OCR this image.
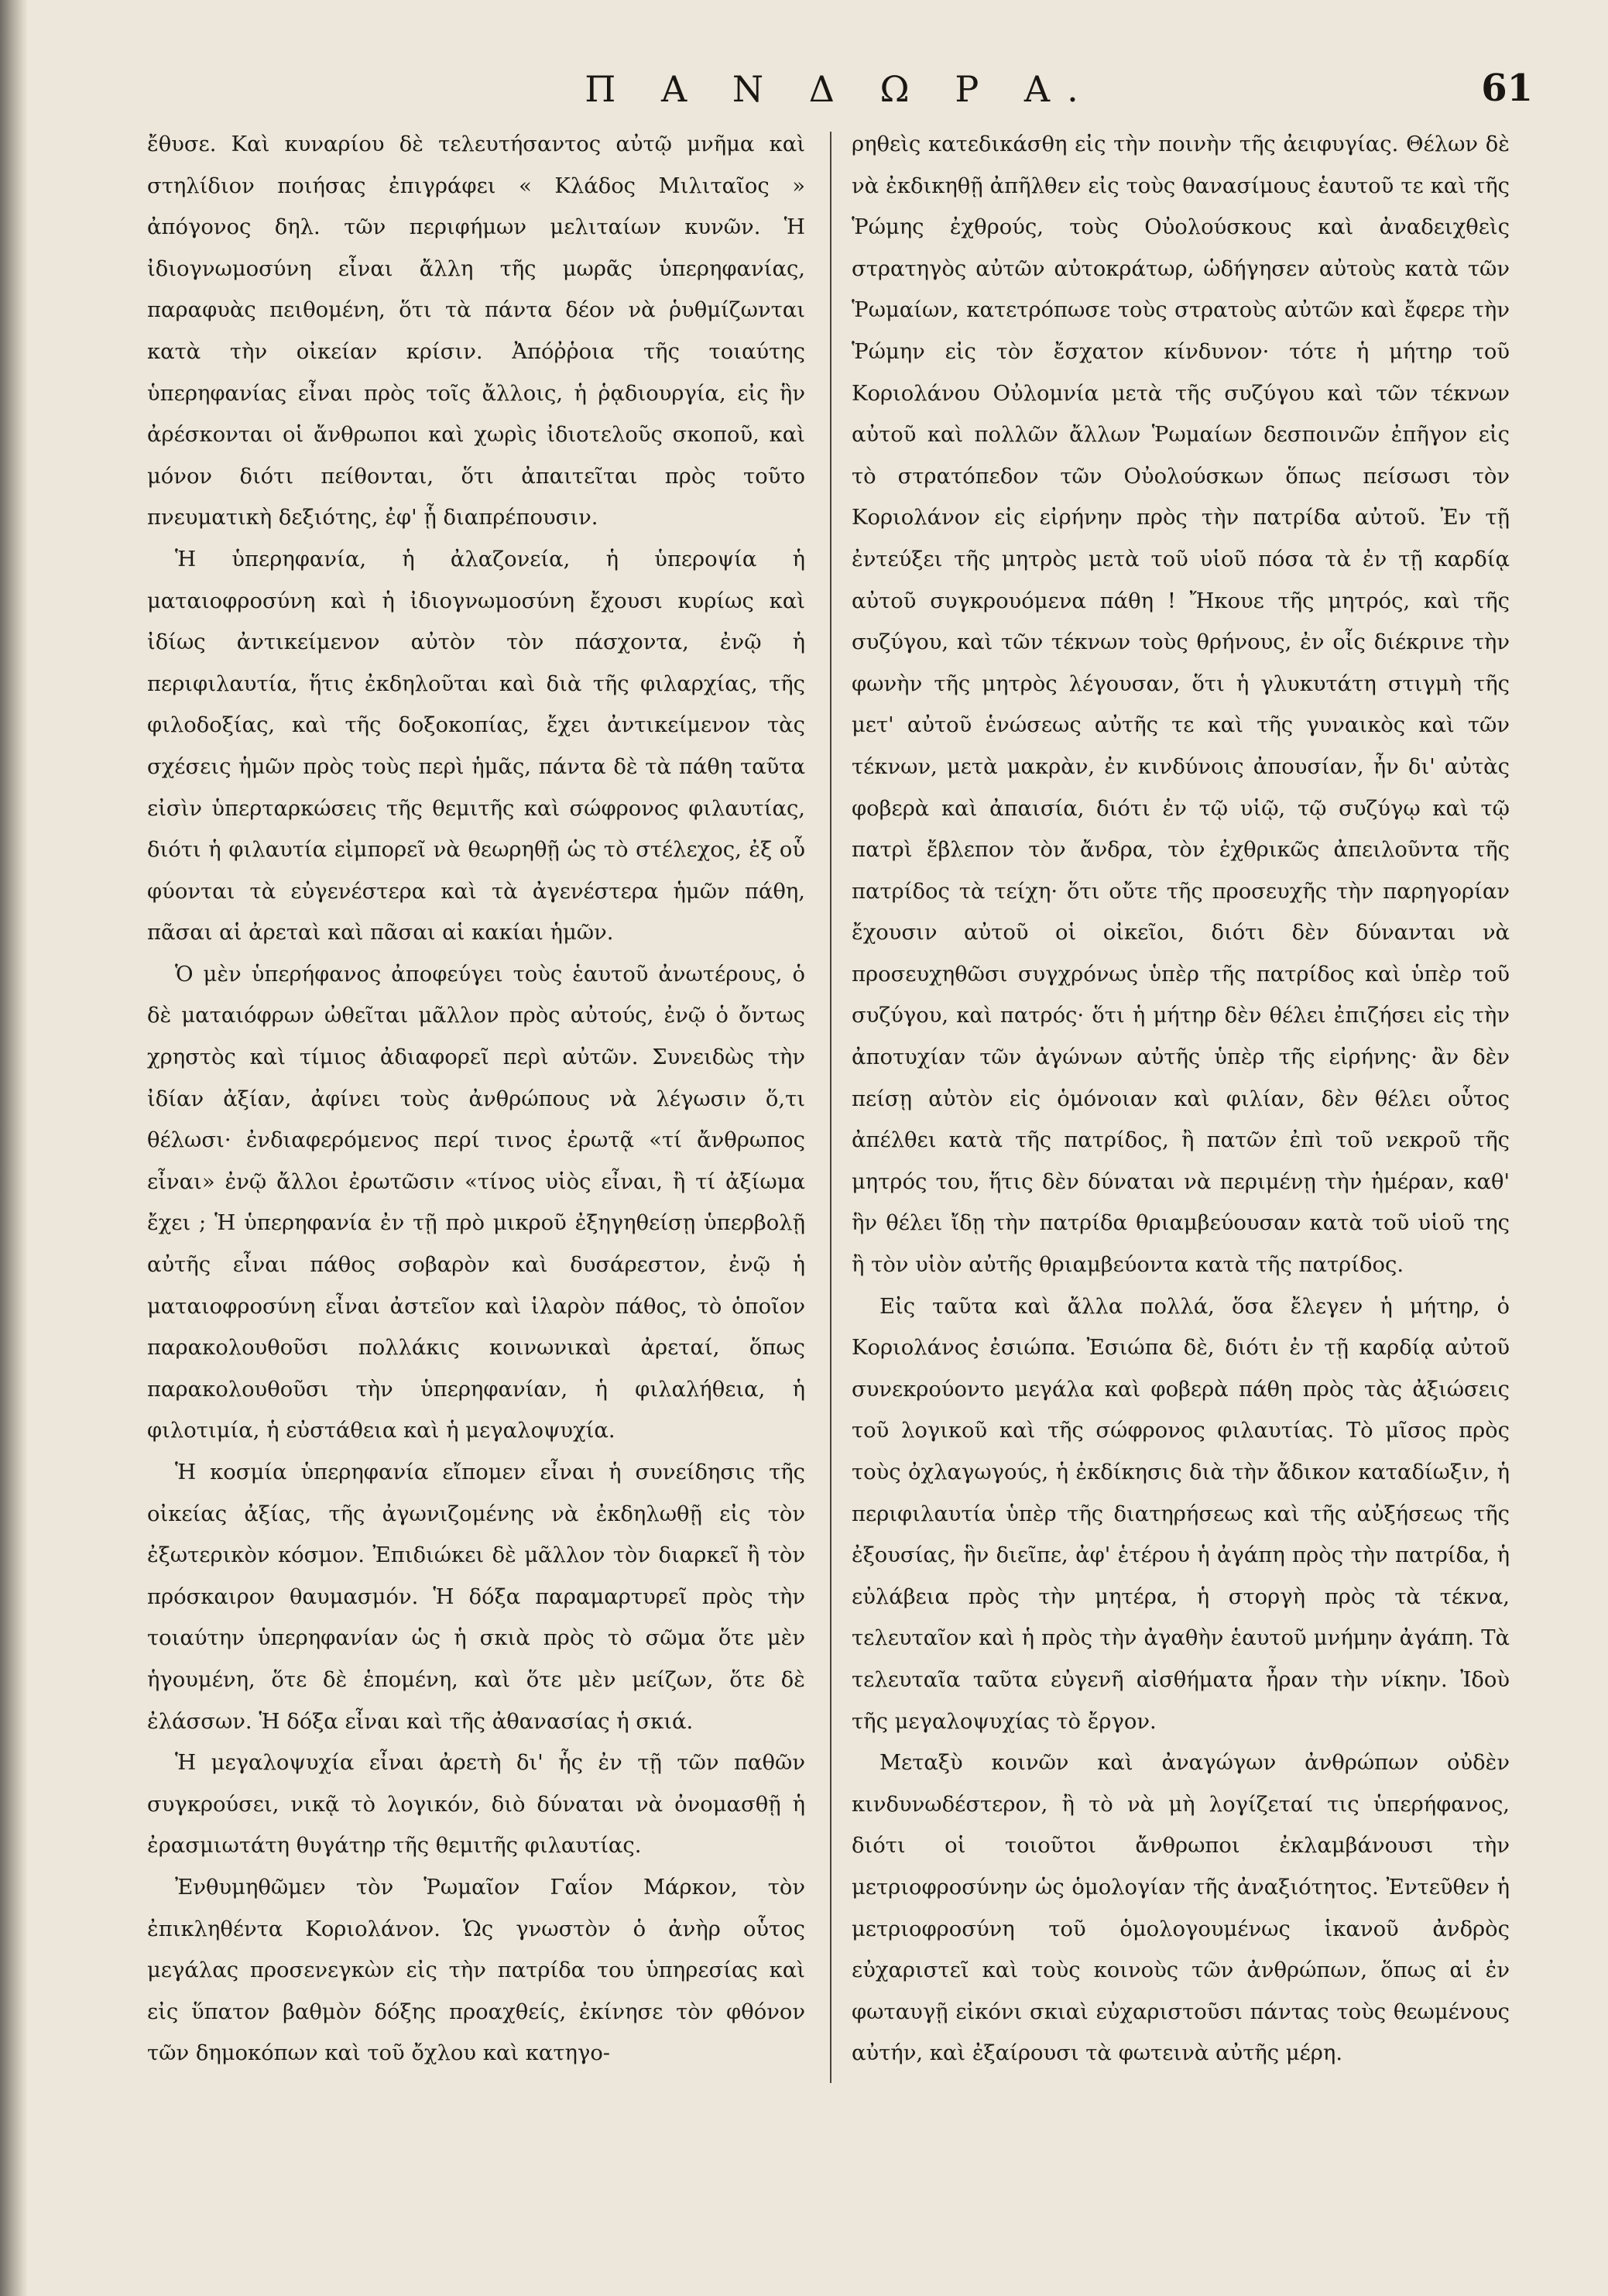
Π Α Ν Δ Ω Ρ Α.	61

ἔθυσε. Καὶ κυναρίου δὲ τελευτήσαντος αὐτῷ μνῆμα καὶ στηλίδιον ποιήσας ἐπιγράφει « Κλάδος Μιλιταῖος » ἀπόγονος δηλ. τῶν περιφήμων μελιταίων κυνῶν. Ἡ ἰδιογνωμοσύνη εἶναι ἄλλη τῆς μωρᾶς ὑπερηφανίας, παραφυὰς πειθομένη, ὅτι τὰ πάντα δέον νὰ ῥυθμίζωνται κατὰ τὴν οἰκείαν κρίσιν. Ἀπόῤῥοια τῆς τοιαύτης ὑπερηφανίας εἶναι πρὸς τοῖς ἄλλοις, ἡ ῥᾳδιουργία, εἰς ἣν ἀρέσκονται οἱ ἄνθρωποι καὶ χωρὶς ἰδιοτελοῦς σκοποῦ, καὶ μόνον διότι πείθονται, ὅτι ἀπαιτεῖται πρὸς τοῦτο πνευματικὴ δεξιότης, ἐφ' ᾗ διαπρέπουσιν.

Ἡ ὑπερηφανία, ἡ ἀλαζονεία, ἡ ὑπεροψία ἡ ματαιοφροσύνη καὶ ἡ ἰδιογνωμοσύνη ἔχουσι κυρίως καὶ ἰδίως ἀντικείμενον αὐτὸν τὸν πάσχοντα, ἐνῷ ἡ περιφιλαυτία, ἥτις ἐκδηλοῦται καὶ διὰ τῆς φιλαρχίας, τῆς φιλοδοξίας, καὶ τῆς δοξοκοπίας, ἔχει ἀντικείμενον τὰς σχέσεις ἡμῶν πρὸς τοὺς περὶ ἡμᾶς, πάντα δὲ τὰ πάθη ταῦτα εἰσὶν ὑπερταρκώσεις τῆς θεμιτῆς καὶ σώφρονος φιλαυτίας, διότι ἡ φιλαυτία εἰμπορεῖ νὰ θεωρηθῇ ὡς τὸ στέλεχος, ἐξ οὗ φύονται τὰ εὐγενέστερα καὶ τὰ ἀγενέστερα ἡμῶν πάθη, πᾶσαι αἱ ἀρεταὶ καὶ πᾶσαι αἱ κακίαι ἡμῶν.

Ὁ μὲν ὑπερήφανος ἀποφεύγει τοὺς ἑαυτοῦ ἀνωτέρους, ὁ δὲ ματαιόφρων ὠθεῖται μᾶλλον πρὸς αὐτούς, ἐνῷ ὁ ὄντως χρηστὸς καὶ τίμιος ἀδιαφορεῖ περὶ αὐτῶν. Συνειδὼς τὴν ἰδίαν ἀξίαν, ἀφίνει τοὺς ἀνθρώπους νὰ λέγωσιν ὅ,τι θέλωσι· ἐνδιαφερόμενος περί τινος ἐρωτᾷ «τί ἄνθρωπος εἶναι» ἐνῷ ἄλλοι ἐρωτῶσιν «τίνος υἱὸς εἶναι, ἢ τί ἀξίωμα ἔχει ; Ἡ ὑπερηφανία ἐν τῇ πρὸ μικροῦ ἐξηγηθείσῃ ὑπερβολῇ αὐτῆς εἶναι πάθος σοβαρὸν καὶ δυσάρεστον, ἐνῷ ἡ ματαιοφροσύνη εἶναι ἀστεῖον καὶ ἱλαρὸν πάθος, τὸ ὁποῖον παρακολουθοῦσι πολλάκις κοινωνικαὶ ἀρεταί, ὅπως παρακολουθοῦσι τὴν ὑπερηφανίαν, ἡ φιλαλήθεια, ἡ φιλοτιμία, ἡ εὐστάθεια καὶ ἡ μεγαλοψυχία.

Ἡ κοσμία ὑπερηφανία εἴπομεν εἶναι ἡ συνείδησις τῆς οἰκείας ἀξίας, τῆς ἀγωνιζομένης νὰ ἐκδηλωθῇ εἰς τὸν ἐξωτερικὸν κόσμον. Ἐπιδιώκει δὲ μᾶλλον τὸν διαρκεῖ ἢ τὸν πρόσκαιρον θαυμασμόν. Ἡ δόξα παραμαρτυρεῖ πρὸς τὴν τοιαύτην ὑπερηφανίαν ὡς ἡ σκιὰ πρὸς τὸ σῶμα ὅτε μὲν ἡγουμένη, ὅτε δὲ ἑπομένη, καὶ ὅτε μὲν μείζων, ὅτε δὲ ἐλάσσων. Ἡ δόξα εἶναι καὶ τῆς ἀθανασίας ἡ σκιά.

Ἡ μεγαλοψυχία εἶναι ἀρετὴ δι' ἧς ἐν τῇ τῶν παθῶν συγκρούσει, νικᾷ τὸ λογικόν, διὸ δύναται νὰ ὀνομασθῇ ἡ ἐρασμιωτάτη θυγάτηρ τῆς θεμιτῆς φιλαυτίας.

Ἐνθυμηθῶμεν τὸν Ῥωμαῖον Γαΐον Μάρκον, τὸν ἐπικληθέντα Κοριολάνον. Ὡς γνωστὸν ὁ ἀνὴρ οὗτος μεγάλας προσενεγκὼν εἰς τὴν πατρίδα του ὑπηρεσίας καὶ εἰς ὕπατον βαθμὸν δόξης προαχθείς, ἐκίνησε τὸν φθόνον τῶν δημοκόπων καὶ τοῦ ὄχλου καὶ κατηγο-

ρηθεὶς κατεδικάσθη εἰς τὴν ποινὴν τῆς ἀειφυγίας. Θέλων δὲ νὰ ἐκδικηθῇ ἀπῆλθεν εἰς τοὺς θανασίμους ἑαυτοῦ τε καὶ τῆς Ῥώμης ἐχθρούς, τοὺς Οὐολούσκους καὶ ἀναδειχθεὶς στρατηγὸς αὐτῶν αὐτοκράτωρ, ὡδήγησεν αὐτοὺς κατὰ τῶν Ῥωμαίων, κατετρόπωσε τοὺς στρατοὺς αὐτῶν καὶ ἔφερε τὴν Ῥώμην εἰς τὸν ἔσχατον κίνδυνον· τότε ἡ μήτηρ τοῦ Κοριολάνου Οὐλομνία μετὰ τῆς συζύγου καὶ τῶν τέκνων αὐτοῦ καὶ πολλῶν ἄλλων Ῥωμαίων δεσποινῶν ἐπῆγον εἰς τὸ στρατόπεδον τῶν Οὐολούσκων ὅπως πείσωσι τὸν Κοριολάνον εἰς εἰρήνην πρὸς τὴν πατρίδα αὐτοῦ. Ἐν τῇ ἐντεύξει τῆς μητρὸς μετὰ τοῦ υἱοῦ πόσα τὰ ἐν τῇ καρδίᾳ αὐτοῦ συγκρουόμενα πάθη ! Ἤκουε τῆς μητρός, καὶ τῆς συζύγου, καὶ τῶν τέκνων τοὺς θρήνους, ἐν οἷς διέκρινε τὴν φωνὴν τῆς μητρὸς λέγουσαν, ὅτι ἡ γλυκυτάτη στιγμὴ τῆς μετ' αὐτοῦ ἑνώσεως αὐτῆς τε καὶ τῆς γυναικὸς καὶ τῶν τέκνων, μετὰ μακρὰν, ἐν κινδύνοις ἀπουσίαν, ἦν δι' αὐτὰς φοβερὰ καὶ ἀπαισία, διότι ἐν τῷ υἱῷ, τῷ συζύγῳ καὶ τῷ πατρὶ ἔβλεπον τὸν ἄνδρα, τὸν ἐχθρικῶς ἀπειλοῦντα τῆς πατρίδος τὰ τείχη· ὅτι οὔτε τῆς προσευχῆς τὴν παρηγορίαν ἔχουσιν αὐτοῦ οἱ οἰκεῖοι, διότι δὲν δύνανται νὰ προσευχηθῶσι συγχρόνως ὑπὲρ τῆς πατρίδος καὶ ὑπὲρ τοῦ συζύγου, καὶ πατρός· ὅτι ἡ μήτηρ δὲν θέλει ἐπιζήσει εἰς τὴν ἀποτυχίαν τῶν ἀγώνων αὐτῆς ὑπὲρ τῆς εἰρήνης· ἂν δὲν πείσῃ αὐτὸν εἰς ὁμόνοιαν καὶ φιλίαν, δὲν θέλει οὗτος ἀπέλθει κατὰ τῆς πατρίδος, ἢ πατῶν ἐπὶ τοῦ νεκροῦ τῆς μητρός του, ἥτις δὲν δύναται νὰ περιμένῃ τὴν ἡμέραν, καθ' ἣν θέλει ἴδῃ τὴν πατρίδα θριαμβεύουσαν κατὰ τοῦ υἱοῦ της ἢ τὸν υἱὸν αὐτῆς θριαμβεύοντα κατὰ τῆς πατρίδος.

Εἰς ταῦτα καὶ ἄλλα πολλά, ὅσα ἔλεγεν ἡ μήτηρ, ὁ Κοριολάνος ἐσιώπα. Ἐσιώπα δὲ, διότι ἐν τῇ καρδίᾳ αὐτοῦ συνεκρούοντο μεγάλα καὶ φοβερὰ πάθη πρὸς τὰς ἀξιώσεις τοῦ λογικοῦ καὶ τῆς σώφρονος φιλαυτίας. Τὸ μῖσος πρὸς τοὺς ὀχλαγωγούς, ἡ ἐκδίκησις διὰ τὴν ἄδικον καταδίωξιν, ἡ περιφιλαυτία ὑπὲρ τῆς διατηρήσεως καὶ τῆς αὐξήσεως τῆς ἐξουσίας, ἣν διεῖπε, ἀφ' ἑτέρου ἡ ἀγάπη πρὸς τὴν πατρίδα, ἡ εὐλάβεια πρὸς τὴν μητέρα, ἡ στοργὴ πρὸς τὰ τέκνα, τελευταῖον καὶ ἡ πρὸς τὴν ἀγαθὴν ἑαυτοῦ μνήμην ἀγάπη. Τὰ τελευταῖα ταῦτα εὐγενῆ αἰσθήματα ἦραν τὴν νίκην. Ἰδοὺ τῆς μεγαλοψυχίας τὸ ἔργον.

Μεταξὺ κοινῶν καὶ ἀναγώγων ἀνθρώπων οὐδὲν κινδυνωδέστερον, ἢ τὸ νὰ μὴ λογίζεταί τις ὑπερήφανος, διότι οἱ τοιοῦτοι ἄνθρωποι ἐκλαμβάνουσι τὴν μετριοφροσύνην ὡς ὁμολογίαν τῆς ἀναξιότητος. Ἐντεῦθεν ἡ μετριοφροσύνη τοῦ ὁμολογουμένως ἱκανοῦ ἀνδρὸς εὐχαριστεῖ καὶ τοὺς κοινοὺς τῶν ἀνθρώπων, ὅπως αἱ ἐν φωταυγῇ εἰκόνι σκιαὶ εὐχαριστοῦσι πάντας τοὺς θεωμένους αὐτήν, καὶ ἐξαίρουσι τὰ φωτεινὰ αὐτῆς μέρη.
